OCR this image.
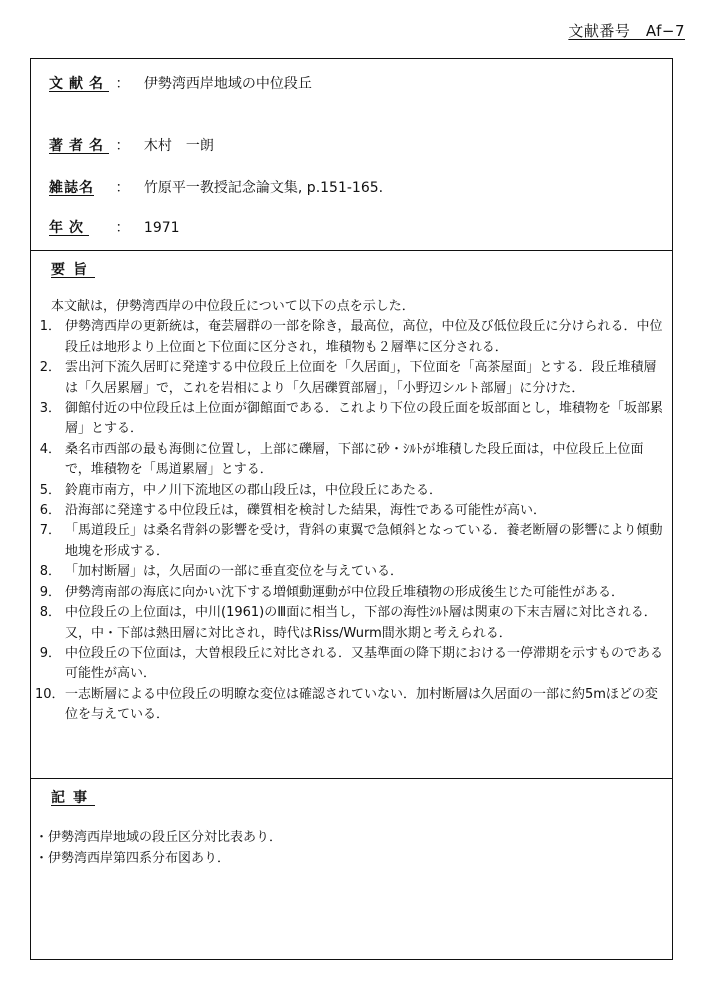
文献番号　Af−7
文献名 ： 伊勢湾西岸地域の中位段丘
著者名 ： 木村　一朗
雑誌名 ： 竹原平一教授記念論文集, p.151-165.
年次 ： 1971
要旨
本文献は，伊勢湾西岸の中位段丘について以下の点を示した．
1． 伊勢湾西岸の更新統は，奄芸層群の一部を除き，最高位，高位，中位及び低位段丘に分けられる．中位段丘は地形より上位面と下位面に区分され，堆積物も２層準に区分される．
2． 雲出河下流久居町に発達する中位段丘上位面を「久居面」，下位面を「高茶屋面」とする．段丘堆積層は「久居累層」で，これを岩相により「久居礫質部層」，「小野辺シルト部層」に分けた．
3． 御館付近の中位段丘は上位面が御館面である．これより下位の段丘面を坂部面とし，堆積物を「坂部累層」とする．
4． 桑名市西部の最も海側に位置し，上部に礫層，下部に砂・ｼﾙﾄが堆積した段丘面は，中位段丘上位面で，堆積物を「馬道累層」とする．
5． 鈴鹿市南方，中ノ川下流地区の郡山段丘は，中位段丘にあたる．
6． 沿海部に発達する中位段丘は，礫質相を検討した結果，海性である可能性が高い．
7． 「馬道段丘」は桑名背斜の影響を受け，背斜の東翼で急傾斜となっている．養老断層の影響により傾動地塊を形成する．
8． 「加村断層」は，久居面の一部に垂直変位を与えている．
9． 伊勢湾南部の海底に向かい沈下する増傾動運動が中位段丘堆積物の形成後生じた可能性がある．
8． 中位段丘の上位面は，中川(1961)のⅢ面に相当し，下部の海性ｼﾙﾄ層は関東の下末吉層に対比される．又，中・下部は熱田層に対比され，時代はRiss/Wurm間氷期と考えられる．
9． 中位段丘の下位面は，大曽根段丘に対比される．又基準面の降下期における一停滞期を示すものである可能性が高い．
10． 一志断層による中位段丘の明瞭な変位は確認されていない．加村断層は久居面の一部に約5mほどの変位を与えている．
記事
・伊勢湾西岸地域の段丘区分対比表あり．
・伊勢湾西岸第四系分布図あり．
